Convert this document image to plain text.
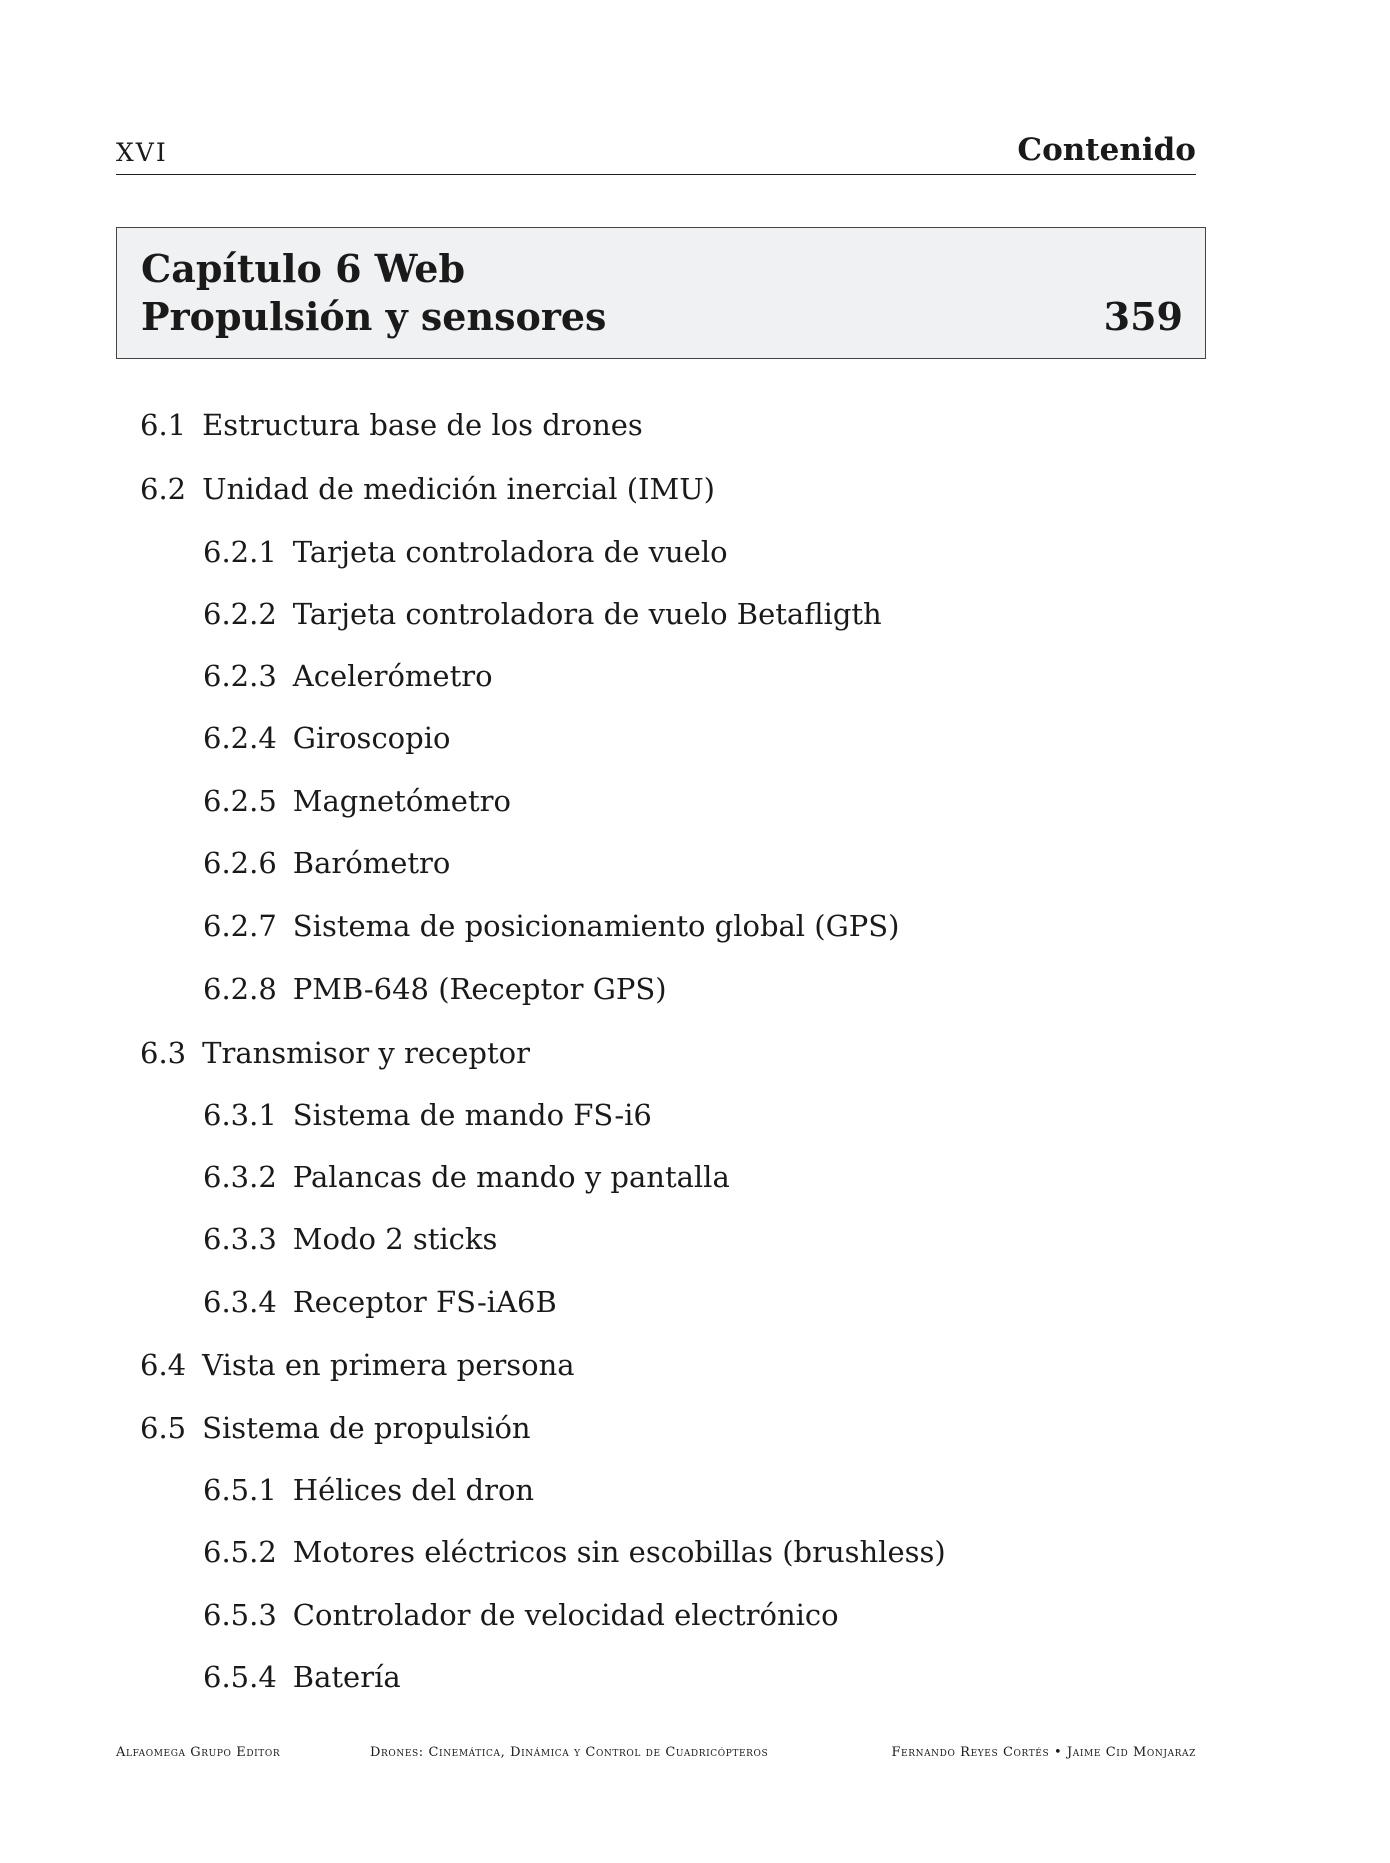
XVI	Contenido
Capítulo 6 Web
Propulsión y sensores	359
6.1 Estructura base de los drones
6.2 Unidad de medición inercial (IMU)
6.2.1 Tarjeta controladora de vuelo
6.2.2 Tarjeta controladora de vuelo Betafligth
6.2.3 Acelerómetro
6.2.4 Giroscopio
6.2.5 Magnetómetro
6.2.6 Barómetro
6.2.7 Sistema de posicionamiento global (GPS)
6.2.8 PMB-648 (Receptor GPS)
6.3 Transmisor y receptor
6.3.1 Sistema de mando FS-i6
6.3.2 Palancas de mando y pantalla
6.3.3 Modo 2 sticks
6.3.4 Receptor FS-iA6B
6.4 Vista en primera persona
6.5 Sistema de propulsión
6.5.1 Hélices del dron
6.5.2 Motores eléctricos sin escobillas (brushless)
6.5.3 Controlador de velocidad electrónico
6.5.4 Batería
Alfaomega Grupo Editor	Drones: Cinemática, Dinámica y Control de Cuadricópteros	Fernando Reyes Cortés • Jaime Cid Monjaraz
